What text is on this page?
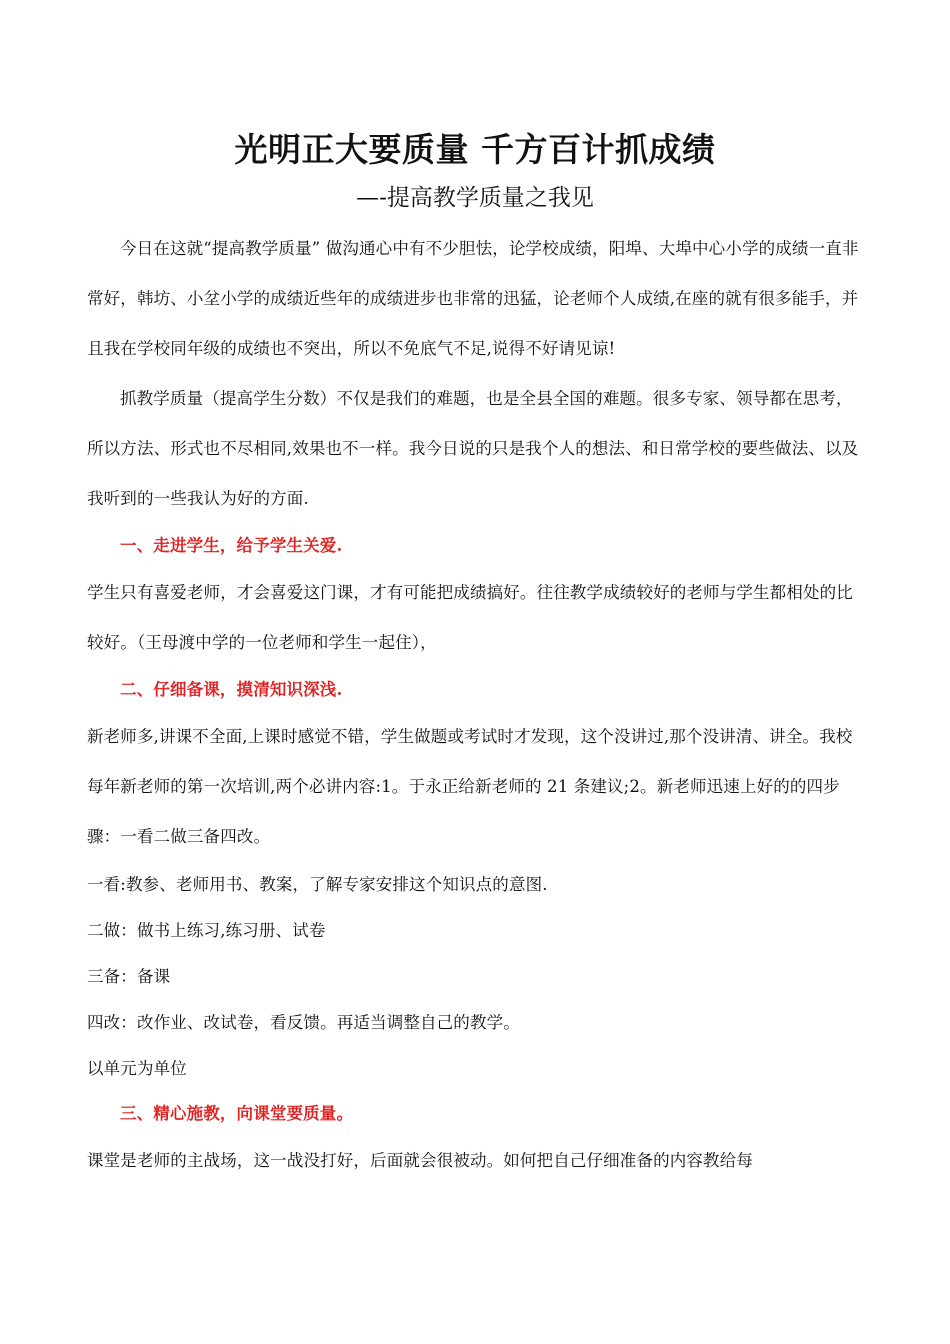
光明正大要质量 千方百计抓成绩

—-提高教学质量之我见

今日在这就“提高教学质量” 做沟通心中有不少胆怯，论学校成绩，阳埠、大埠中心小学的成绩一直非常好，韩坊、小坌小学的成绩近些年的成绩进步也非常的迅猛，论老师个人成绩,在座的就有很多能手，并且我在学校同年级的成绩也不突出，所以不免底气不足,说得不好请见谅!

抓教学质量（提高学生分数）不仅是我们的难题，也是全县全国的难题。很多专家、领导都在思考，所以方法、形式也不尽相同,效果也不一样。我今日说的只是我个人的想法、和日常学校的要些做法、以及我听到的一些我认为好的方面.

一、走进学生，给予学生关爱.

学生只有喜爱老师，才会喜爱这门课，才有可能把成绩搞好。往往教学成绩较好的老师与学生都相处的比较好。（王母渡中学的一位老师和学生一起住），

二、仔细备课，摸清知识深浅.

新老师多,讲课不全面,上课时感觉不错，学生做题或考试时才发现，这个没讲过,那个没讲清、讲全。我校每年新老师的第一次培训,两个必讲内容:1。于永正给新老师的 21 条建议;2。新老师迅速上好的的四步骤：一看二做三备四改。

一看:教参、老师用书、教案，了解专家安排这个知识点的意图.

二做：做书上练习,练习册、试卷

三备：备课

四改：改作业、改试卷，看反馈。再适当调整自己的教学。

以单元为单位

三、精心施教，向课堂要质量。

课堂是老师的主战场，这一战没打好，后面就会很被动。如何把自己仔细准备的内容教给每
